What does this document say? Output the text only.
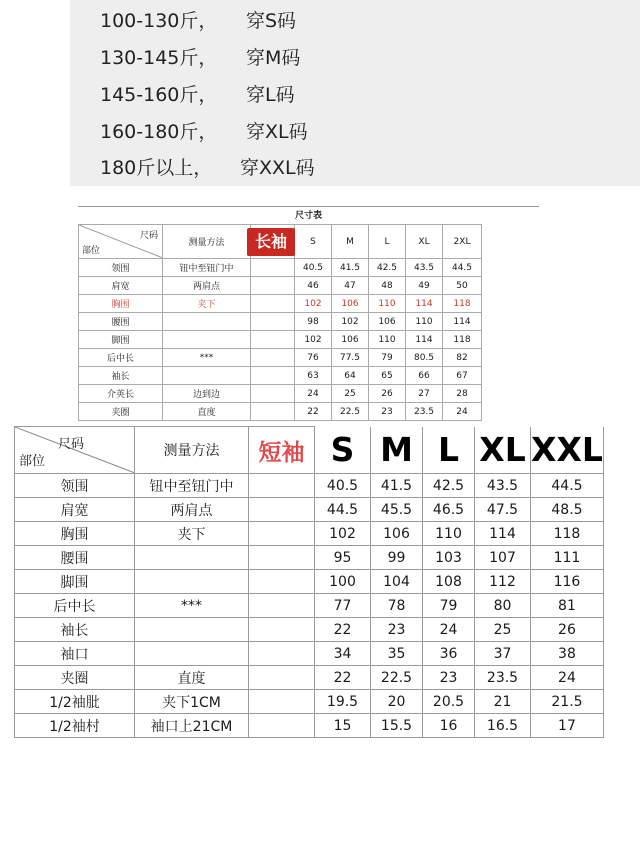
100-130斤， 穿S码
130-145斤， 穿M码
145-160斤， 穿L码
160-180斤， 穿XL码
180斤以上， 穿XXL码
尺寸表
尺码
部位	测量方法		S	M	L	XL	2XL
领围	钮中至钮门中		40.5	41.5	42.5	43.5	44.5
肩宽	两肩点		46	47	48	49	50
胸围	夹下		102	106	110	114	118
腰围			98	102	106	110	114
脚围			102	106	110	114	118
后中长	***		76	77.5	79	80.5	82
袖长			63	64	65	66	67
介英长	边到边		24	25	26	27	28
夹圈	直度		22	22.5	23	23.5	24
长袖
尺码
部位	测量方法	短袖	S	M	L	XL	XXL
领围	钮中至钮门中		40.5	41.5	42.5	43.5	44.5
肩宽	两肩点		44.5	45.5	46.5	47.5	48.5
胸围	夹下		102	106	110	114	118
腰围			95	99	103	107	111
脚围			100	104	108	112	116
后中长	***		77	78	79	80	81
袖长			22	23	24	25	26
袖口			34	35	36	37	38
夹圈	直度		22	22.5	23	23.5	24
1/2袖肶	夹下1CM		19.5	20	20.5	21	21.5
1/2袖村	袖口上21CM		15	15.5	16	16.5	17
